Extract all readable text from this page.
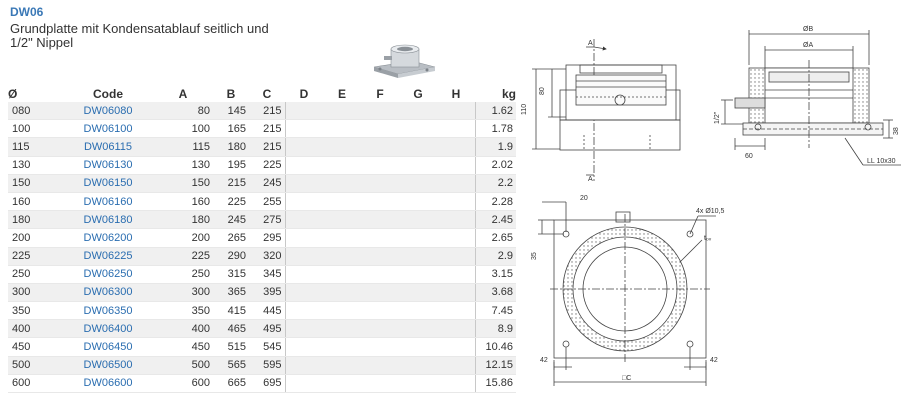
DW06
Grundplatte mit Kondensatablauf seitlich und
1/2" Nippel
Ø	Code	A	B	C	D	E	F	G	H	kg
080	DW06080	80	145	215						1.62
100	DW06100	100	165	215						1.78
115	DW06115	115	180	215						1.9
130	DW06130	130	195	225						2.02
150	DW06150	150	215	245						2.2
160	DW06160	160	225	255						2.28
180	DW06180	180	245	275						2.45
200	DW06200	200	265	295						2.65
225	DW06225	225	290	320						2.9
250	DW06250	250	315	345						3.15
300	DW06300	300	365	395						3.68
350	DW06350	350	415	445						7.45
400	DW06400	400	465	495						8.9
450	DW06450	450	515	545						10.46
500	DW06500	500	565	595						12.15
600	DW06600	600	665	695						15.86
110
80
A
A
ØB
ØA
1/2"
38
60
LL 10x30
20
35
4x Ø10,5
t₀ᵥ
42	42
□C
